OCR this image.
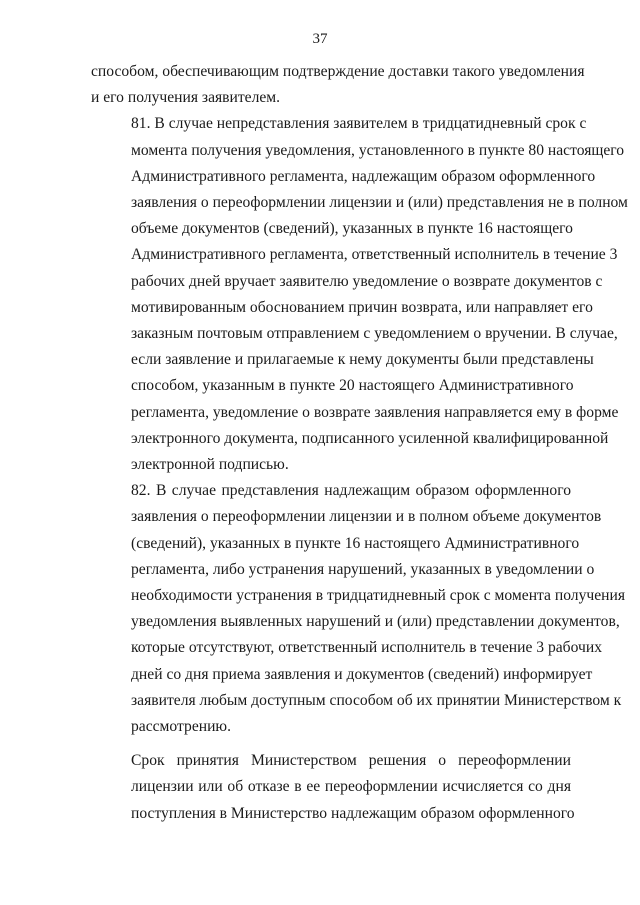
37

способом, обеспечивающим подтверждение доставки такого уведомления
и его получения заявителем.

81. В случае непредставления заявителем в тридцатидневный срок с
момента получения уведомления, установленного в пункте 80 настоящего
Административного регламента, надлежащим образом оформленного
заявления о переоформлении лицензии и (или) представления не в полном
объеме документов (сведений), указанных в пункте 16 настоящего
Административного регламента, ответственный исполнитель в течение 3
рабочих дней вручает заявителю уведомление о возврате документов с
мотивированным обоснованием причин возврата, или направляет его
заказным почтовым отправлением с уведомлением о вручении. В случае,
если заявление и прилагаемые к нему документы были представлены
способом, указанным в пункте 20 настоящего Административного
регламента, уведомление о возврате заявления направляется ему в форме
электронного документа, подписанного усиленной квалифицированной
электронной подписью.

82. В случае представления надлежащим образом оформленного
заявления о переоформлении лицензии и в полном объеме документов
(сведений), указанных в пункте 16 настоящего Административного
регламента, либо устранения нарушений, указанных в уведомлении о
необходимости устранения в тридцатидневный срок с момента получения
уведомления выявленных нарушений и (или) представлении документов,
которые отсутствуют, ответственный исполнитель в течение 3 рабочих
дней со дня приема заявления и документов (сведений) информирует
заявителя любым доступным способом об их принятии Министерством к
рассмотрению.

Срок принятия Министерством решения о переоформлении
лицензии или об отказе в ее переоформлении исчисляется со дня
поступления в Министерство надлежащим образом оформленного
